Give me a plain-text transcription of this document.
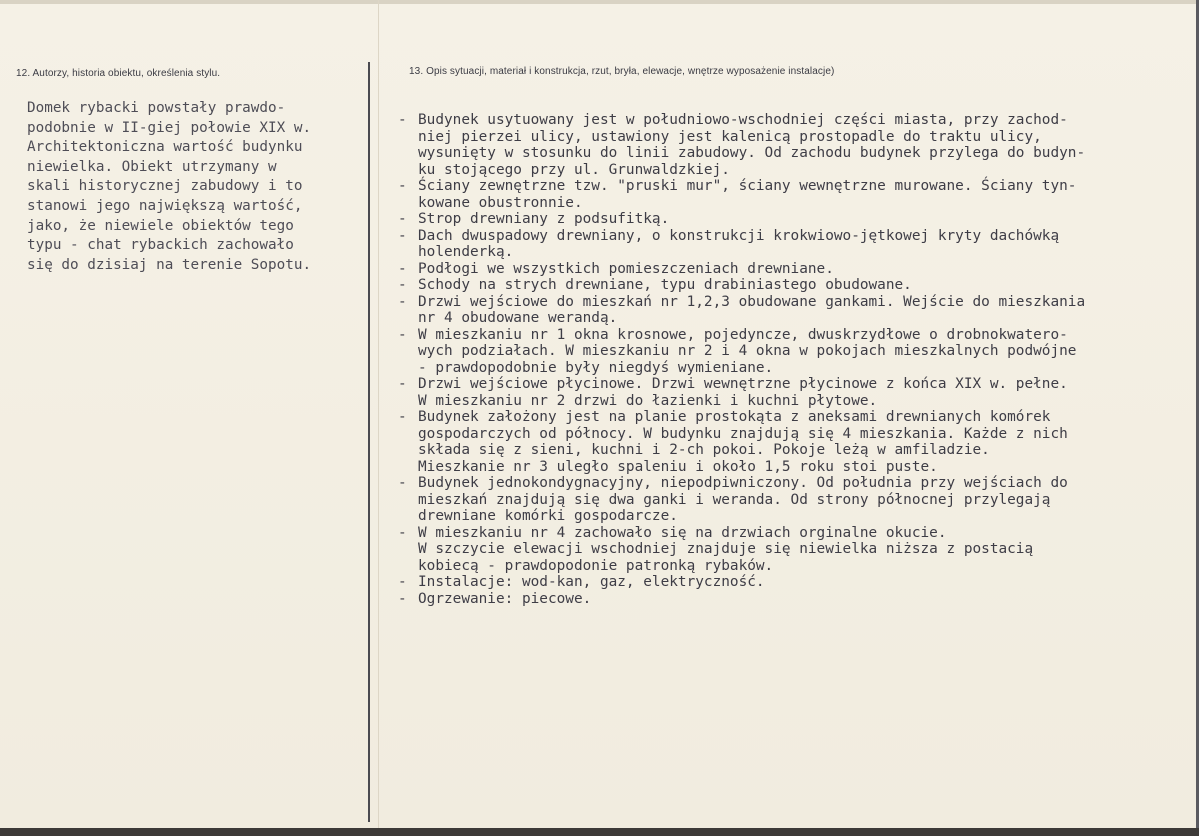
12. Autorzy, historia obiektu, określenia stylu.	13. Opis sytuacji, materiał i konstrukcja, rzut, bryła, elewacje, wnętrze wyposażenie instalacje)
Domek rybacki powstały prawdo-
podobnie w II-giej połowie XIX w.
Architektoniczna wartość budynku
niewielka. Obiekt utrzymany w
skali historycznej zabudowy i to
stanowi jego największą wartość,
jako, że niewiele obiektów tego
typu - chat rybackich zachowało
się do dzisiaj na terenie Sopotu.
- Budynek usytuowany jest w południowo-wschodniej części miasta, przy zachod-
niej pierzei ulicy, ustawiony jest kalenicą prostopadle do traktu ulicy,
wysunięty w stosunku do linii zabudowy. Od zachodu budynek przylega do budyn-
ku stojącego przy ul. Grunwaldzkiej.
- Ściany zewnętrzne tzw. "pruski mur", ściany wewnętrzne murowane. Ściany tyn-
kowane obustronnie.
- Strop drewniany z podsufitką.
- Dach dwuspadowy drewniany, o konstrukcji krokwiowo-jętkowej kryty dachówką
holenderką.
- Podłogi we wszystkich pomieszczeniach drewniane.
- Schody na strych drewniane, typu drabiniastego obudowane.
- Drzwi wejściowe do mieszkań nr 1,2,3 obudowane gankami. Wejście do mieszkania
nr 4 obudowane werandą.
- W mieszkaniu nr 1 okna krosnowe, pojedyncze, dwuskrzydłowe o drobnokwatero-
wych podziałach. W mieszkaniu nr 2 i 4 okna w pokojach mieszkalnych podwójne
- prawdopodobnie były niegdyś wymieniane.
- Drzwi wejściowe płycinowe. Drzwi wewnętrzne płycinowe z końca XIX w. pełne.
W mieszkaniu nr 2 drzwi do łazienki i kuchni płytowe.
- Budynek założony jest na planie prostokąta z aneksami drewnianych komórek
gospodarczych od północy. W budynku znajdują się 4 mieszkania. Każde z nich
składa się z sieni, kuchni i 2-ch pokoi. Pokoje leżą w amfiladzie.
Mieszkanie nr 3 uległo spaleniu i około 1,5 roku stoi puste.
- Budynek jednokondygnacyjny, niepodpiwniczony. Od południa przy wejściach do
mieszkań znajdują się dwa ganki i weranda. Od strony północnej przylegają
drewniane komórki gospodarcze.
- W mieszkaniu nr 4 zachowało się na drzwiach orginalne okucie.
W szczycie elewacji wschodniej znajduje się niewielka niższa z postacią
kobiecą - prawdopodonie patronką rybaków.
- Instalacje: wod-kan, gaz, elektryczność.
- Ogrzewanie: piecowe.
